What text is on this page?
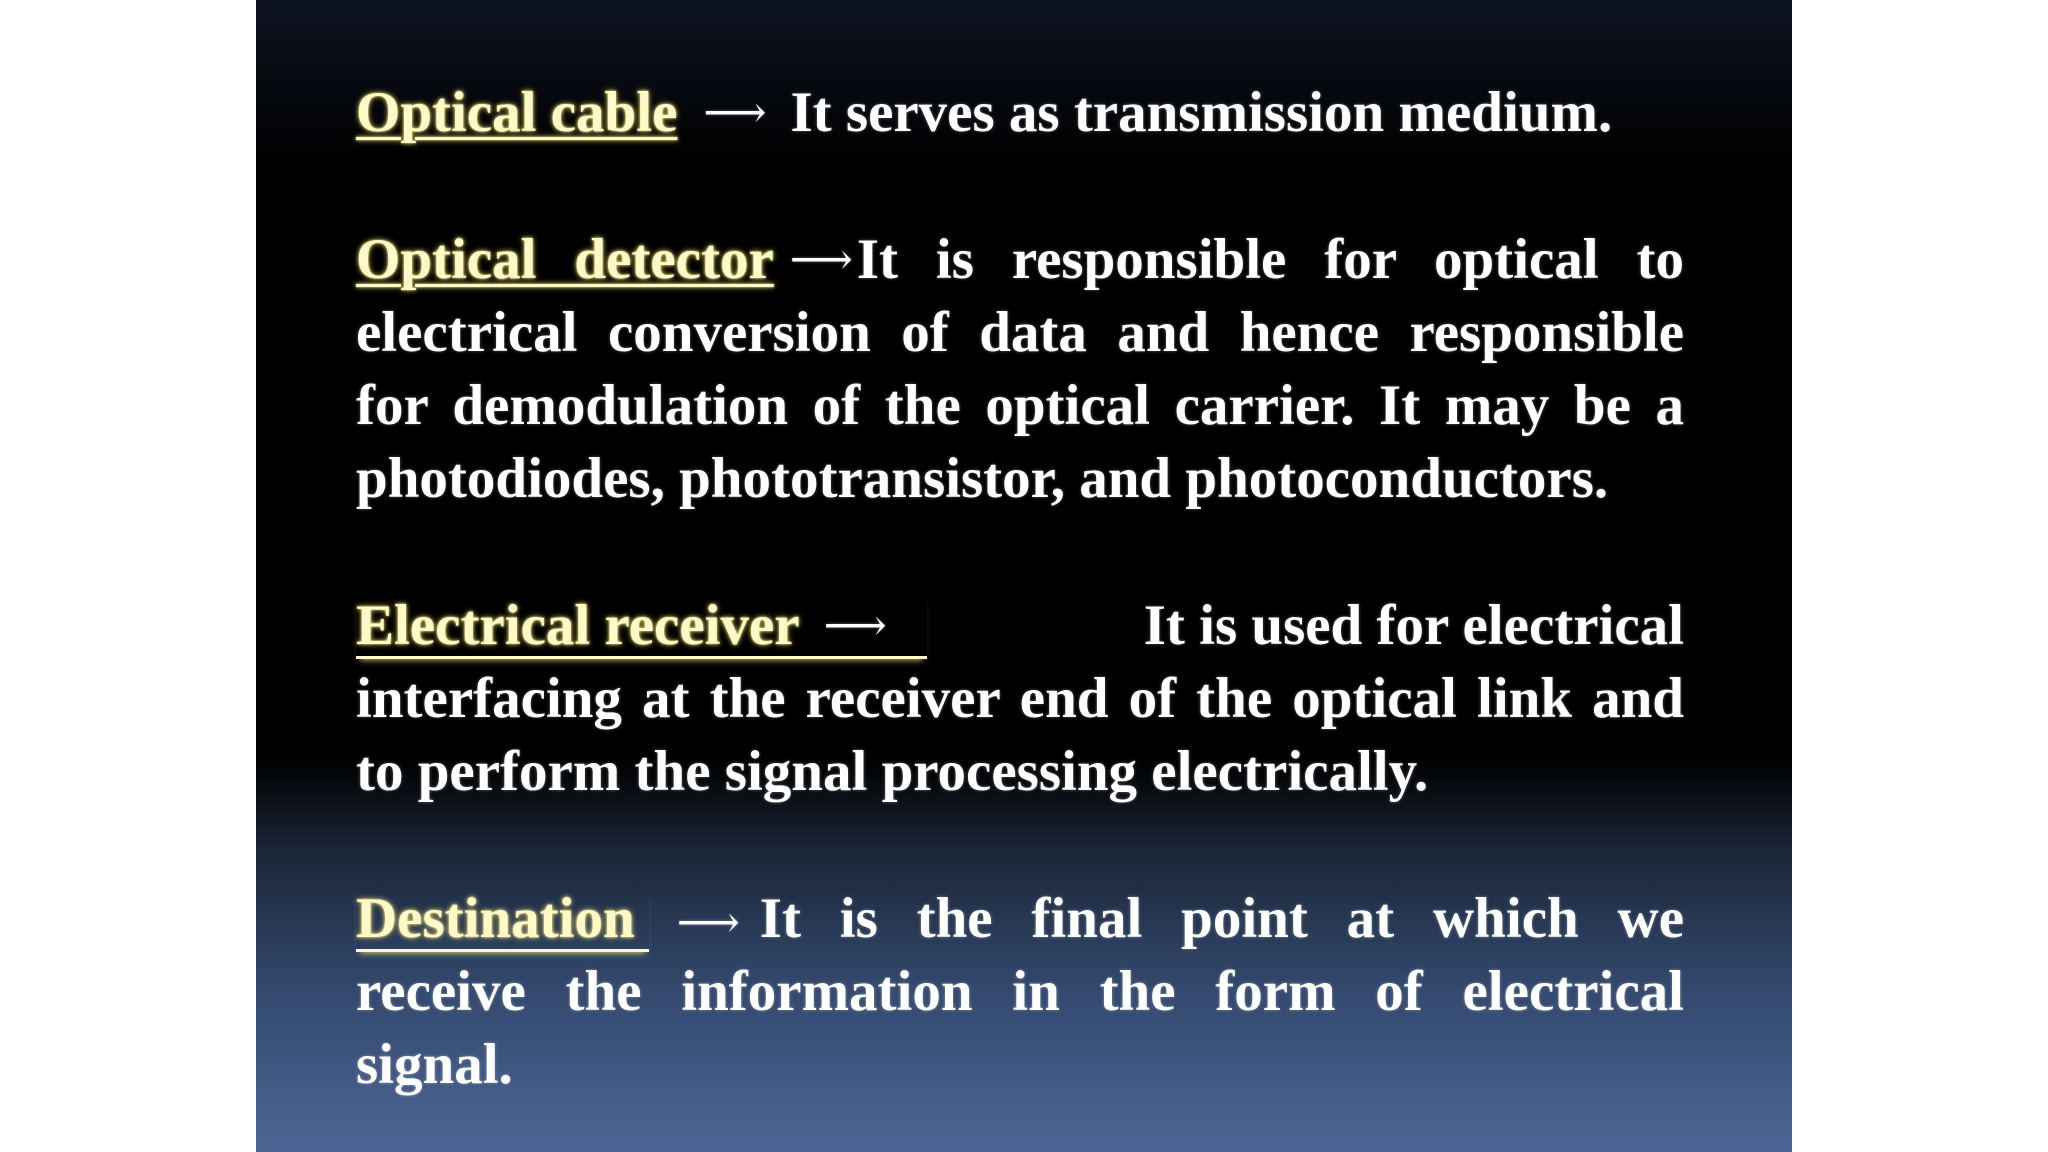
Optical cable ⟶ It serves as transmission medium.
Optical detector ⟶It is responsible for optical to
electrical conversion of data and hence responsible
for demodulation of the optical carrier. It may be a
photodiodes, phototransistor, and photoconductors.
Electrical receiver ⟶	It is used for electrical
interfacing at the receiver end of the optical link and
to perform the signal processing electrically.
Destination ⟶ It is the final point at which we
receive the information in the form of electrical
signal.
